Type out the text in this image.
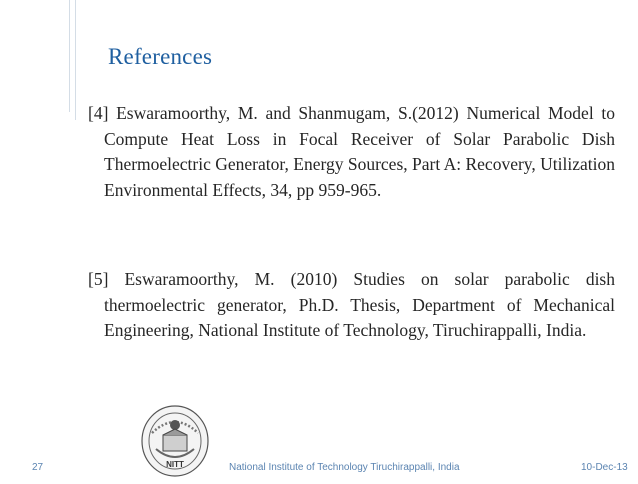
References
[4] Eswaramoorthy, M. and Shanmugam, S.(2012) Numerical Model to Compute Heat Loss in Focal Receiver of Solar Parabolic Dish Thermoelectric Generator, Energy Sources, Part A: Recovery, Utilization Environmental Effects, 34, pp 959-965.
[5] Eswaramoorthy, M. (2010) Studies on solar parabolic dish thermoelectric generator, Ph.D. Thesis, Department of Mechanical Engineering, National Institute of Technology, Tiruchirappalli, India.
NITT
27	National Institute of Technology Tiruchirappalli, India	10-Dec-13
